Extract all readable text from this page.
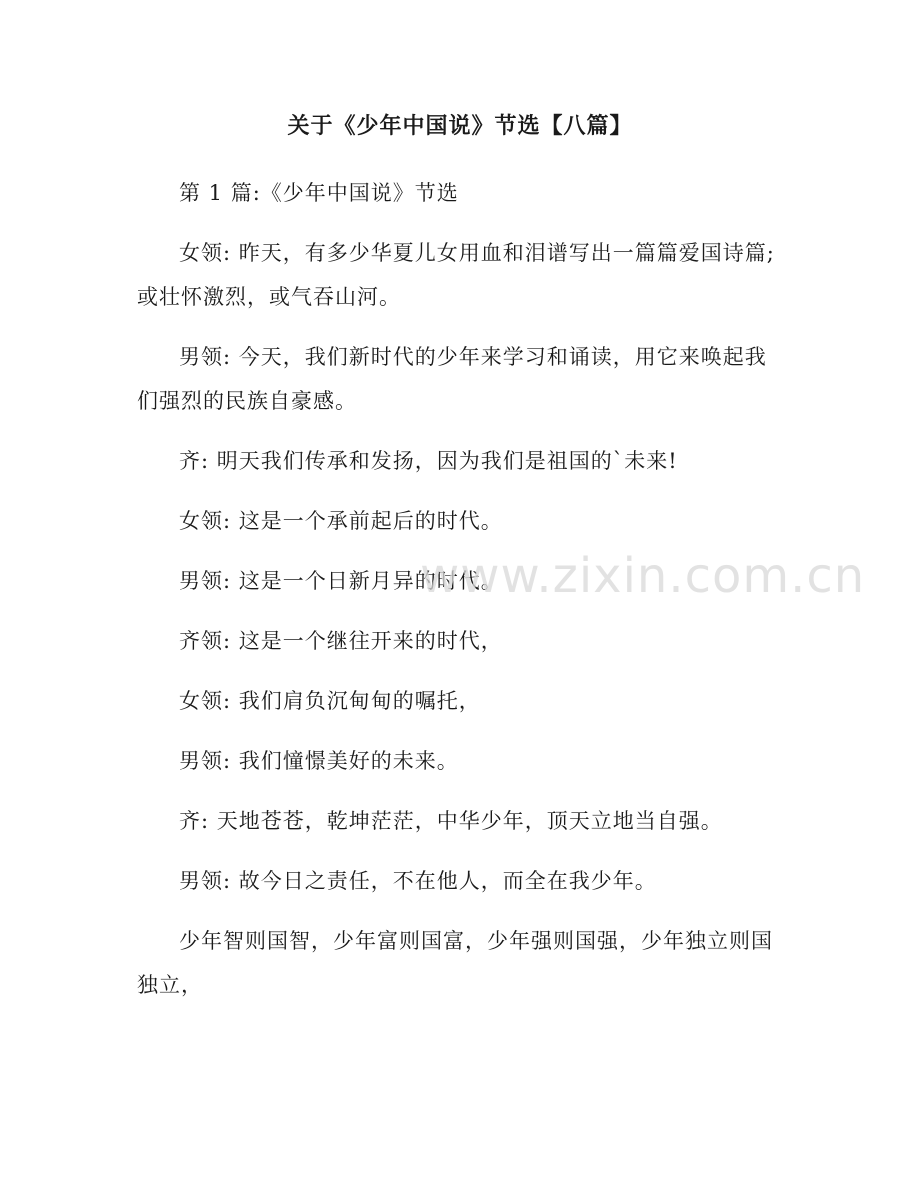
关于《少年中国说》节选【八篇】

第 1 篇:《少年中国说》节选

女领: 昨天，有多少华夏儿女用血和泪谱写出一篇篇爱国诗篇;或壮怀激烈，或气吞山河。

男领: 今天，我们新时代的少年来学习和诵读，用它来唤起我们强烈的民族自豪感。

齐: 明天我们传承和发扬，因为我们是祖国的`未来!

女领: 这是一个承前起后的时代。

男领: 这是一个日新月异的时代。

齐领: 这是一个继往开来的时代，

女领: 我们肩负沉甸甸的嘱托，

男领: 我们憧憬美好的未来。

齐: 天地苍苍，乾坤茫茫，中华少年，顶天立地当自强。

男领: 故今日之责任，不在他人，而全在我少年。

少年智则国智，少年富则国富，少年强则国强，少年独立则国独立，

www.zixin.com.cn
